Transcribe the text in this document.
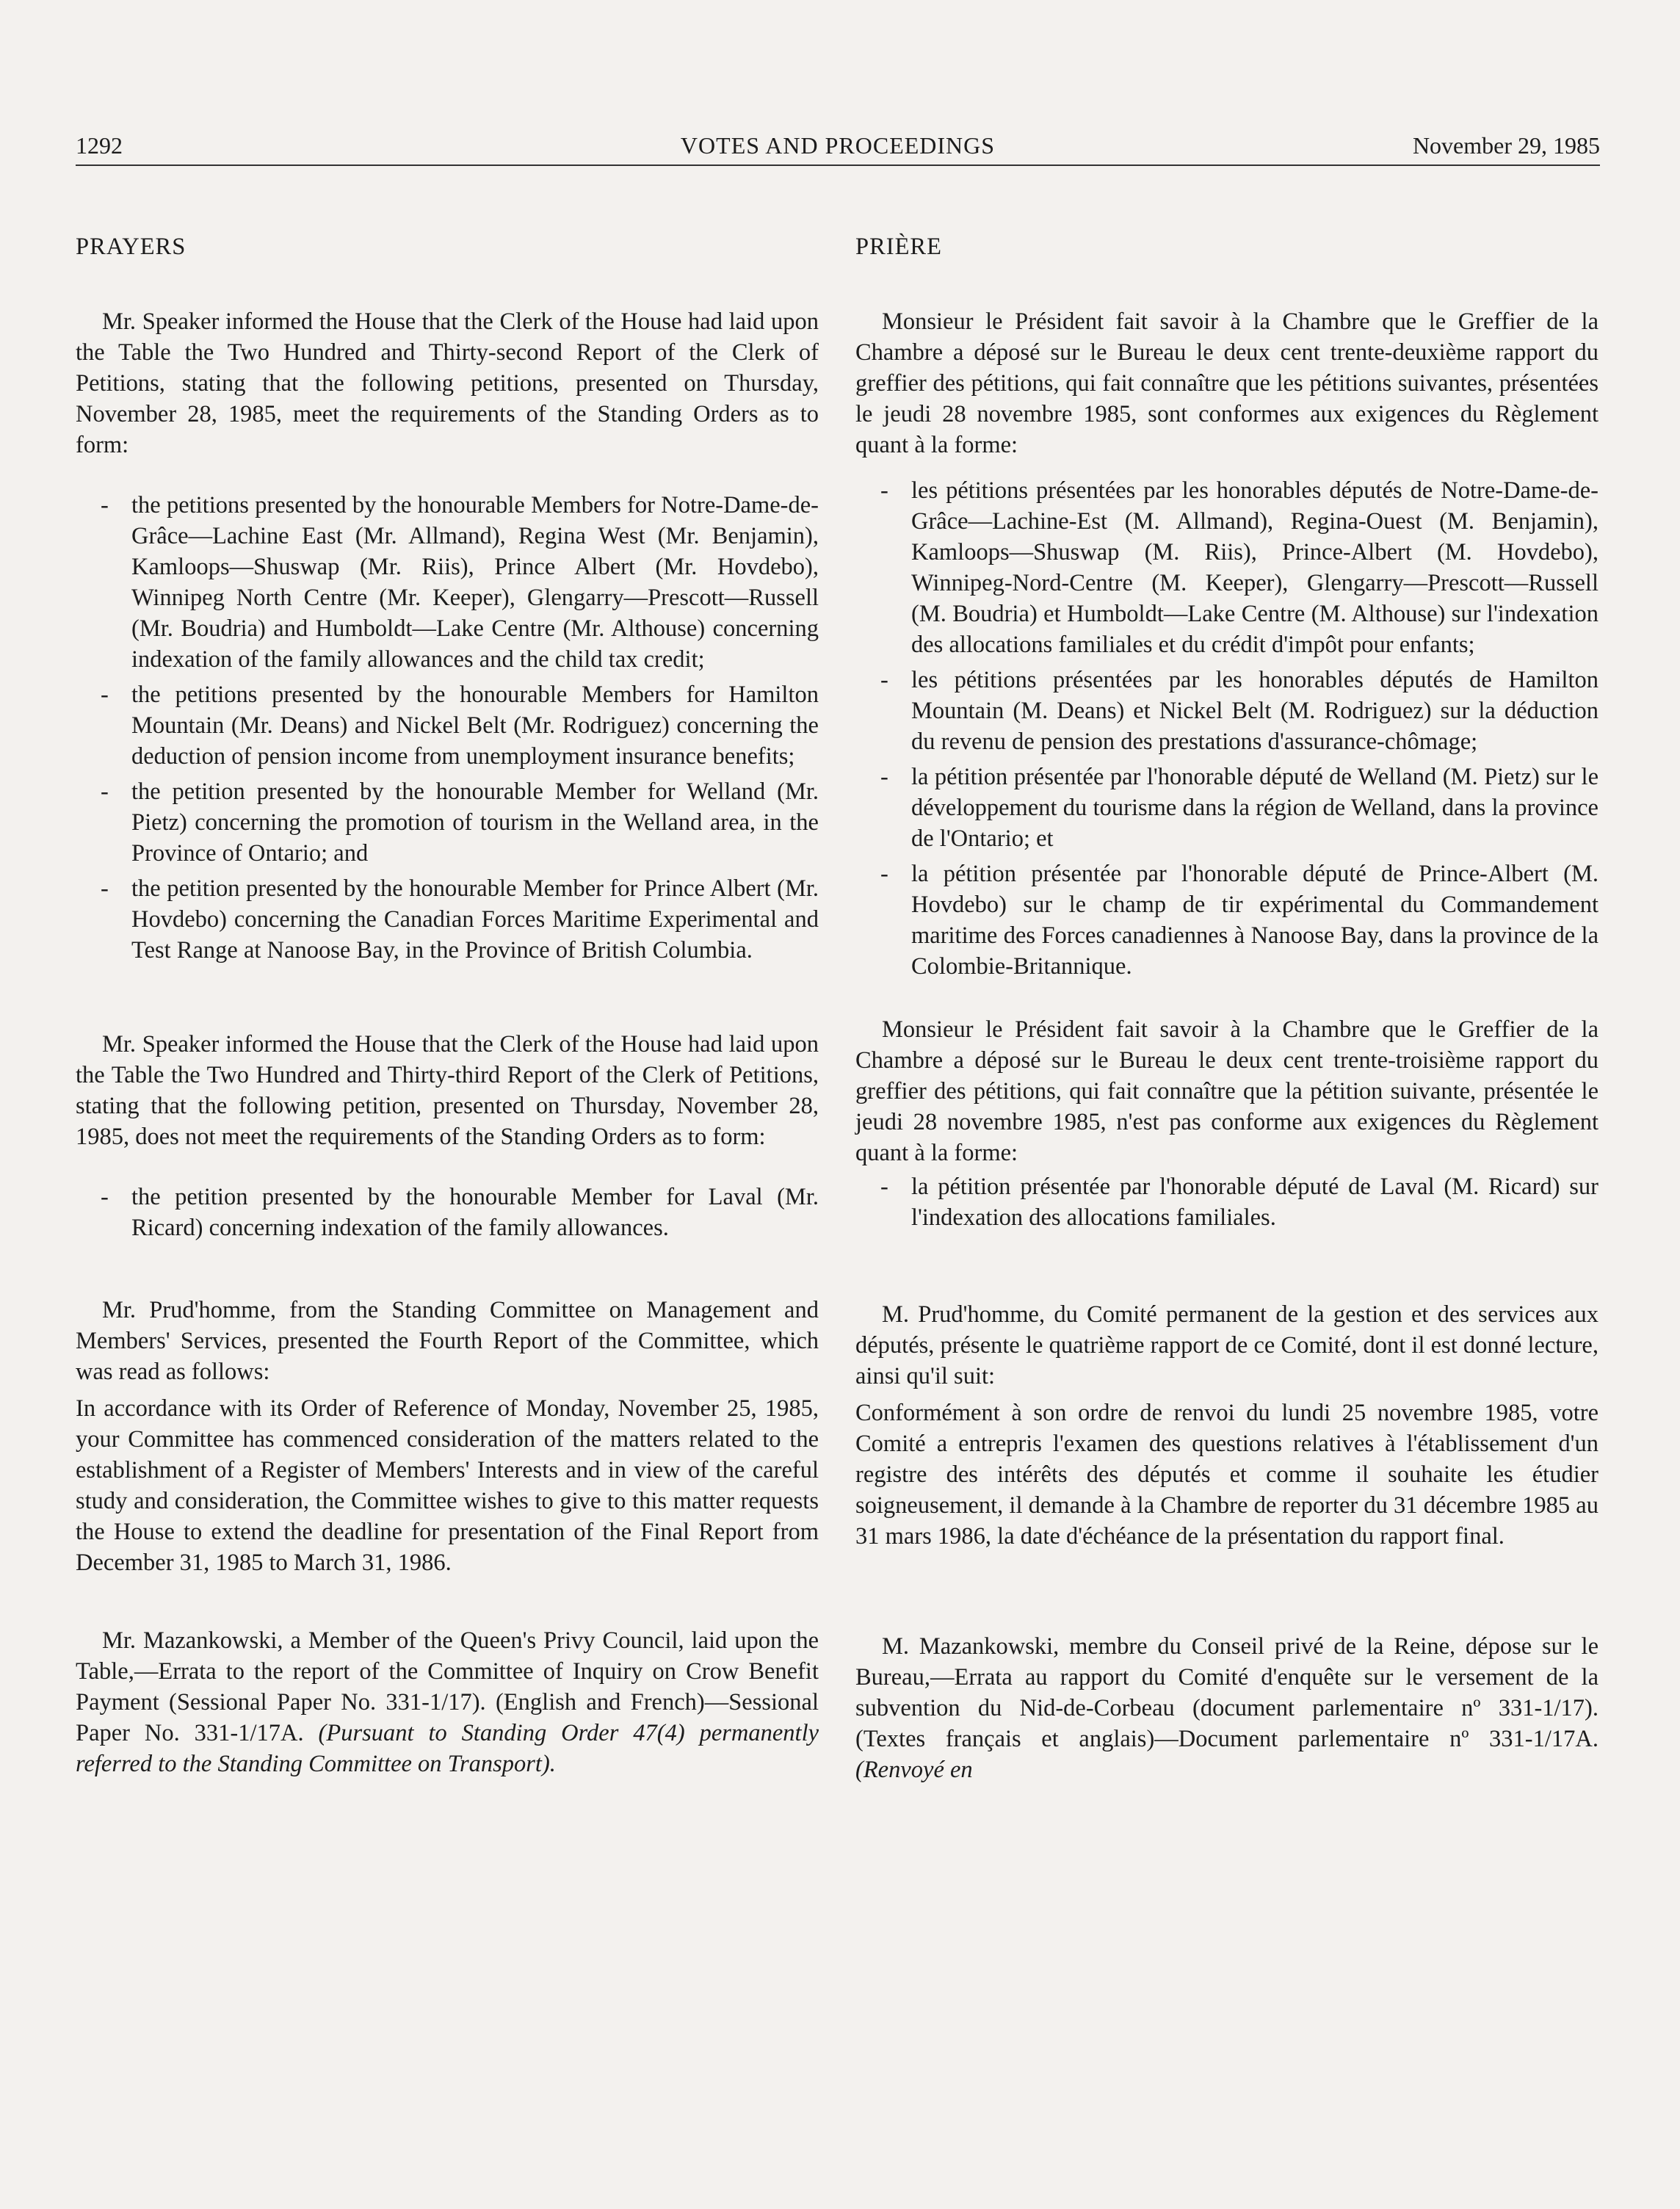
1292	VOTES AND PROCEEDINGS	November 29, 1985
PRAYERS

Mr. Speaker informed the House that the Clerk of the House had laid upon the Table the Two Hundred and Thirty-second Report of the Clerk of Petitions, stating that the following petitions, presented on Thursday, November 28, 1985, meet the requirements of the Standing Orders as to form:

- the petitions presented by the honourable Members for Notre-Dame-de-Grâce—Lachine East (Mr. Allmand), Regina West (Mr. Benjamin), Kamloops—Shuswap (Mr. Riis), Prince Albert (Mr. Hovdebo), Winnipeg North Centre (Mr. Keeper), Glengarry—Prescott—Russell (Mr. Boudria) and Humboldt—Lake Centre (Mr. Althouse) concerning indexation of the family allowances and the child tax credit;

- the petitions presented by the honourable Members for Hamilton Mountain (Mr. Deans) and Nickel Belt (Mr. Rodriguez) concerning the deduction of pension income from unemployment insurance benefits;

- the petition presented by the honourable Member for Welland (Mr. Pietz) concerning the promotion of tourism in the Welland area, in the Province of Ontario; and

- the petition presented by the honourable Member for Prince Albert (Mr. Hovdebo) concerning the Canadian Forces Maritime Experimental and Test Range at Nanoose Bay, in the Province of British Columbia.

Mr. Speaker informed the House that the Clerk of the House had laid upon the Table the Two Hundred and Thirty-third Report of the Clerk of Petitions, stating that the following petition, presented on Thursday, November 28, 1985, does not meet the requirements of the Standing Orders as to form:

- the petition presented by the honourable Member for Laval (Mr. Ricard) concerning indexation of the family allowances.

Mr. Prud'homme, from the Standing Committee on Management and Members' Services, presented the Fourth Report of the Committee, which was read as follows:

In accordance with its Order of Reference of Monday, November 25, 1985, your Committee has commenced consideration of the matters related to the establishment of a Register of Members' Interests and in view of the careful study and consideration, the Committee wishes to give to this matter requests the House to extend the deadline for presentation of the Final Report from December 31, 1985 to March 31, 1986.

Mr. Mazankowski, a Member of the Queen's Privy Council, laid upon the Table,—Errata to the report of the Committee of Inquiry on Crow Benefit Payment (Sessional Paper No. 331-1/17). (English and French)—Sessional Paper No. 331-1/17A. (Pursuant to Standing Order 47(4) permanently referred to the Standing Committee on Transport).

PRIÈRE

Monsieur le Président fait savoir à la Chambre que le Greffier de la Chambre a déposé sur le Bureau le deux cent trente-deuxième rapport du greffier des pétitions, qui fait connaître que les pétitions suivantes, présentées le jeudi 28 novembre 1985, sont conformes aux exigences du Règlement quant à la forme:

- les pétitions présentées par les honorables députés de Notre-Dame-de-Grâce—Lachine-Est (M. Allmand), Regina-Ouest (M. Benjamin), Kamloops—Shuswap (M. Riis), Prince-Albert (M. Hovdebo), Winnipeg-Nord-Centre (M. Keeper), Glengarry—Prescott—Russell (M. Boudria) et Humboldt—Lake Centre (M. Althouse) sur l'indexation des allocations familiales et du crédit d'impôt pour enfants;

- les pétitions présentées par les honorables députés de Hamilton Mountain (M. Deans) et Nickel Belt (M. Rodriguez) sur la déduction du revenu de pension des prestations d'assurance-chômage;

- la pétition présentée par l'honorable député de Welland (M. Pietz) sur le développement du tourisme dans la région de Welland, dans la province de l'Ontario; et

- la pétition présentée par l'honorable député de Prince-Albert (M. Hovdebo) sur le champ de tir expérimental du Commandement maritime des Forces canadiennes à Nanoose Bay, dans la province de la Colombie-Britannique.

Monsieur le Président fait savoir à la Chambre que le Greffier de la Chambre a déposé sur le Bureau le deux cent trente-troisième rapport du greffier des pétitions, qui fait connaître que la pétition suivante, présentée le jeudi 28 novembre 1985, n'est pas conforme aux exigences du Règlement quant à la forme:

- la pétition présentée par l'honorable député de Laval (M. Ricard) sur l'indexation des allocations familiales.

M. Prud'homme, du Comité permanent de la gestion et des services aux députés, présente le quatrième rapport de ce Comité, dont il est donné lecture, ainsi qu'il suit:

Conformément à son ordre de renvoi du lundi 25 novembre 1985, votre Comité a entrepris l'examen des questions relatives à l'établissement d'un registre des intérêts des députés et comme il souhaite les étudier soigneusement, il demande à la Chambre de reporter du 31 décembre 1985 au 31 mars 1986, la date d'échéance de la présentation du rapport final.

M. Mazankowski, membre du Conseil privé de la Reine, dépose sur le Bureau,—Errata au rapport du Comité d'enquête sur le versement de la subvention du Nid-de-Corbeau (document parlementaire nº 331-1/17). (Textes français et anglais)—Document parlementaire nº 331-1/17A. (Renvoyé en
